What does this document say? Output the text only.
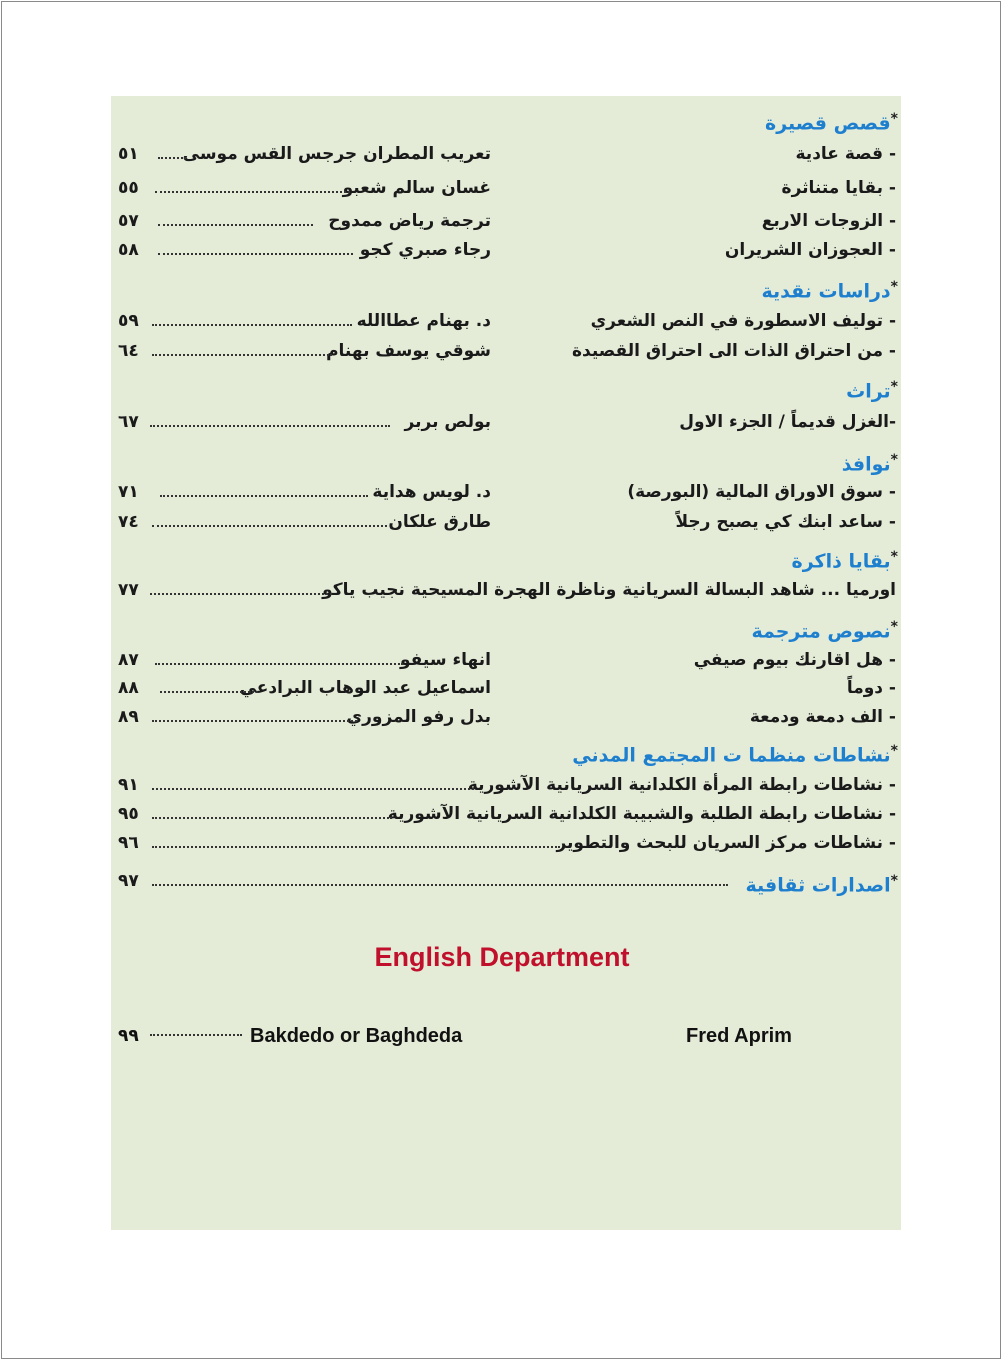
*قصص قصيرة
- قصة عادية
تعريب المطران جرجس القس موسى
٥١
- بقايا متناثرة
غسان سالم شعبو
٥٥
- الزوجات الاربع
ترجمة رياض ممدوح
٥٧
- العجوزان الشريران
رجاء صبري كجو
٥٨
*دراسات نقدية
- توليف الاسطورة في النص الشعري
د. بهنام عطاالله
٥٩
- من احتراق الذات الى احتراق القصيدة
شوقي يوسف بهنام
٦٤
*تراث
-الغزل قديماً / الجزء الاول
بولص بربر
٦٧
*نوافذ
- سوق الاوراق المالية (البورصة)
د. لويس هداية
٧١
- ساعد ابنك كي يصبح رجلاً
طارق علكان
٧٤
*بقايا ذاكرة
اورميا ... شاهد البسالة السريانية وناظرة الهجرة المسيحية نجيب ياكو
٧٧
*نصوص مترجمة
- هل اقارنك بيوم صيفي
انهاء سيفو
٨٧
- دوماً
اسماعيل عبد الوهاب البرادعي
٨٨
- الف دمعة ودمعة
بدل رفو المزوري
٨٩
*نشاطات منظما ت المجتمع المدني
- نشاطات رابطة المرأة الكلدانية السريانية الآشورية
٩١
- نشاطات رابطة الطلبة والشبيبة الكلدانية السريانية الآشورية
٩٥
- نشاطات مركز السريان للبحث والتطوير
٩٦
*اصدارات ثقافية
٩٧
English Department
Fred Aprim
Bakdedo or Baghdeda
٩٩
